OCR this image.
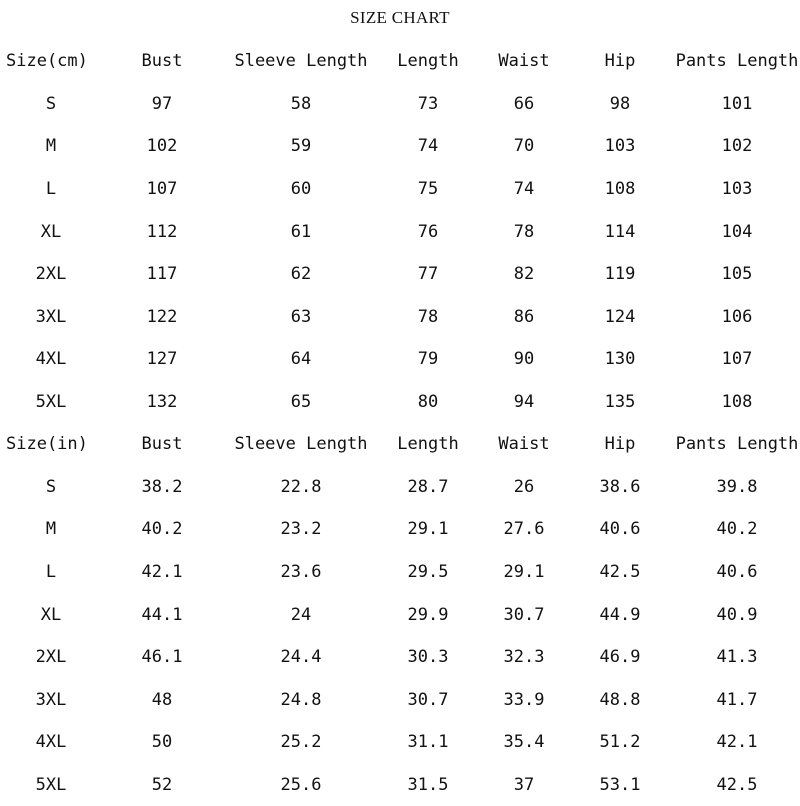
SIZE CHART
Size(cm)	Bust	Sleeve Length	Length	Waist	Hip	Pants Length
S	97	58	73	66	98	101
M	102	59	74	70	103	102
L	107	60	75	74	108	103
XL	112	61	76	78	114	104
2XL	117	62	77	82	119	105
3XL	122	63	78	86	124	106
4XL	127	64	79	90	130	107
5XL	132	65	80	94	135	108
Size(in)	Bust	Sleeve Length	Length	Waist	Hip	Pants Length
S	38.2	22.8	28.7	26	38.6	39.8
M	40.2	23.2	29.1	27.6	40.6	40.2
L	42.1	23.6	29.5	29.1	42.5	40.6
XL	44.1	24	29.9	30.7	44.9	40.9
2XL	46.1	24.4	30.3	32.3	46.9	41.3
3XL	48	24.8	30.7	33.9	48.8	41.7
4XL	50	25.2	31.1	35.4	51.2	42.1
5XL	52	25.6	31.5	37	53.1	42.5
